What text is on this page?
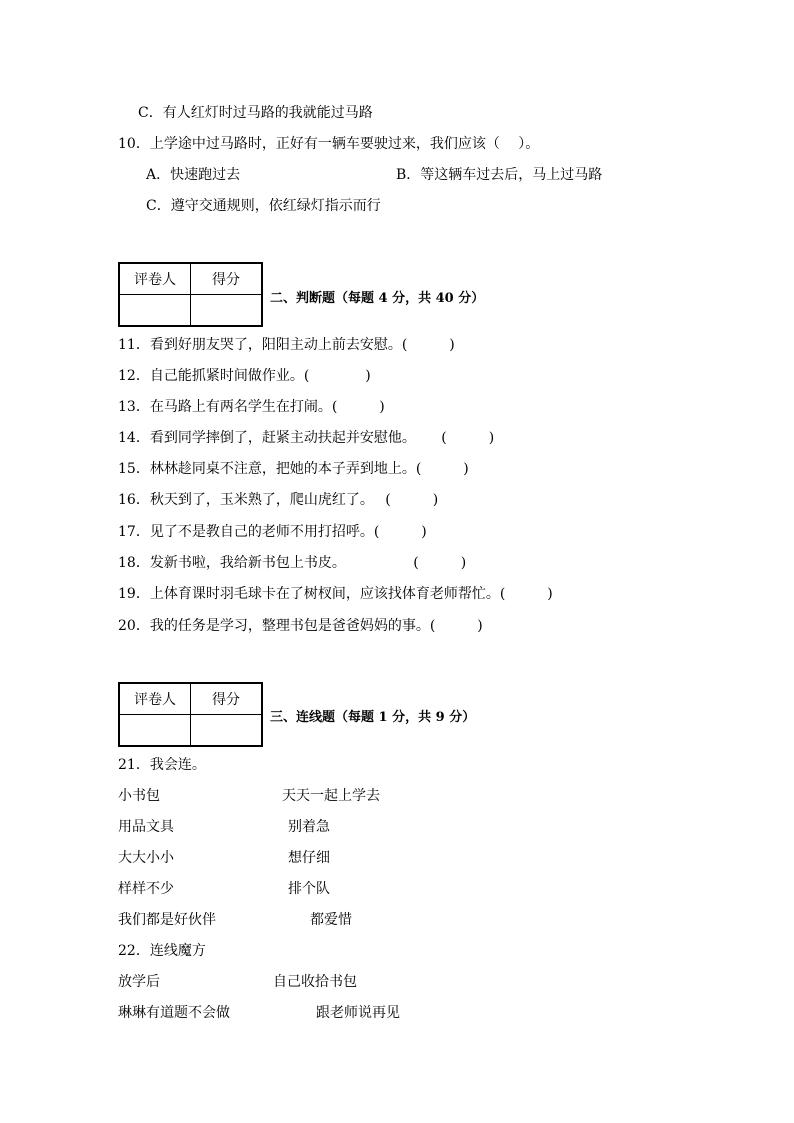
C．有人红灯时过马路的我就能过马路
10．上学途中过马路时，正好有一辆车要驶过来，我们应该（　 ）。
A．快速跑过去	B．等这辆车过去后，马上过马路
C．遵守交通规则，依红绿灯指示而行
评卷人	得分

二、判断题（每题 4 分，共 40 分）
11．看到好朋友哭了，阳阳主动上前去安慰。(　　　)
12．自己能抓紧时间做作业。(　　　　)
13．在马路上有两名学生在打闹。(　　　)
14．看到同学摔倒了，赶紧主动扶起并安慰他。　　 (　　　)
15．林林趁同桌不注意，把她的本子弄到地上。(　　　)
16．秋天到了，玉米熟了，爬山虎红了。　 (　　　)
17．见了不是教自己的老师不用打招呼。(　　　)
18．发新书啦，我给新书包上书皮。　　　　　 (　　　)
19．上体育课时羽毛球卡在了树杈间，应该找体育老师帮忙。(　　　)
20．我的任务是学习，整理书包是爸爸妈妈的事。(　　　)
评卷人	得分

三、连线题（每题 1 分，共 9 分）
21．我会连。
小书包	天天一起上学去
用品文具	别着急
大大小小	想仔细
样样不少	排个队
我们都是好伙伴	都爱惜
22．连线魔方
放学后	自己收拾书包
琳琳有道题不会做	跟老师说再见
